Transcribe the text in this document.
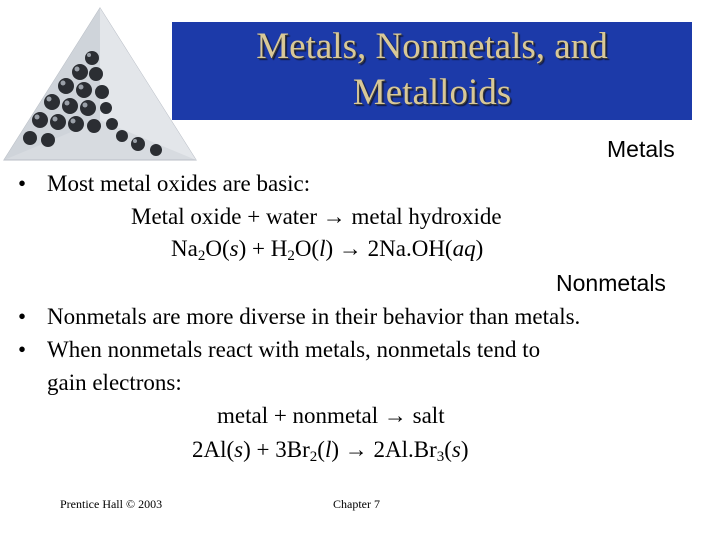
Metals, Nonmetals, and
Metalloids
Metals
• Most metal oxides are basic:
Metal oxide + water → metal hydroxide
$Na_2O(s) + H_2O(l) \to 2Na.OH(aq)$
Nonmetals
• Nonmetals are more diverse in their behavior than metals.
• When nonmetals react with metals, nonmetals tend to
gain electrons:
metal + nonmetal → salt
$2Al(s) + 3Br_2(l) \to 2Al.Br_3(s)$
Prentice Hall © 2003	Chapter 7
